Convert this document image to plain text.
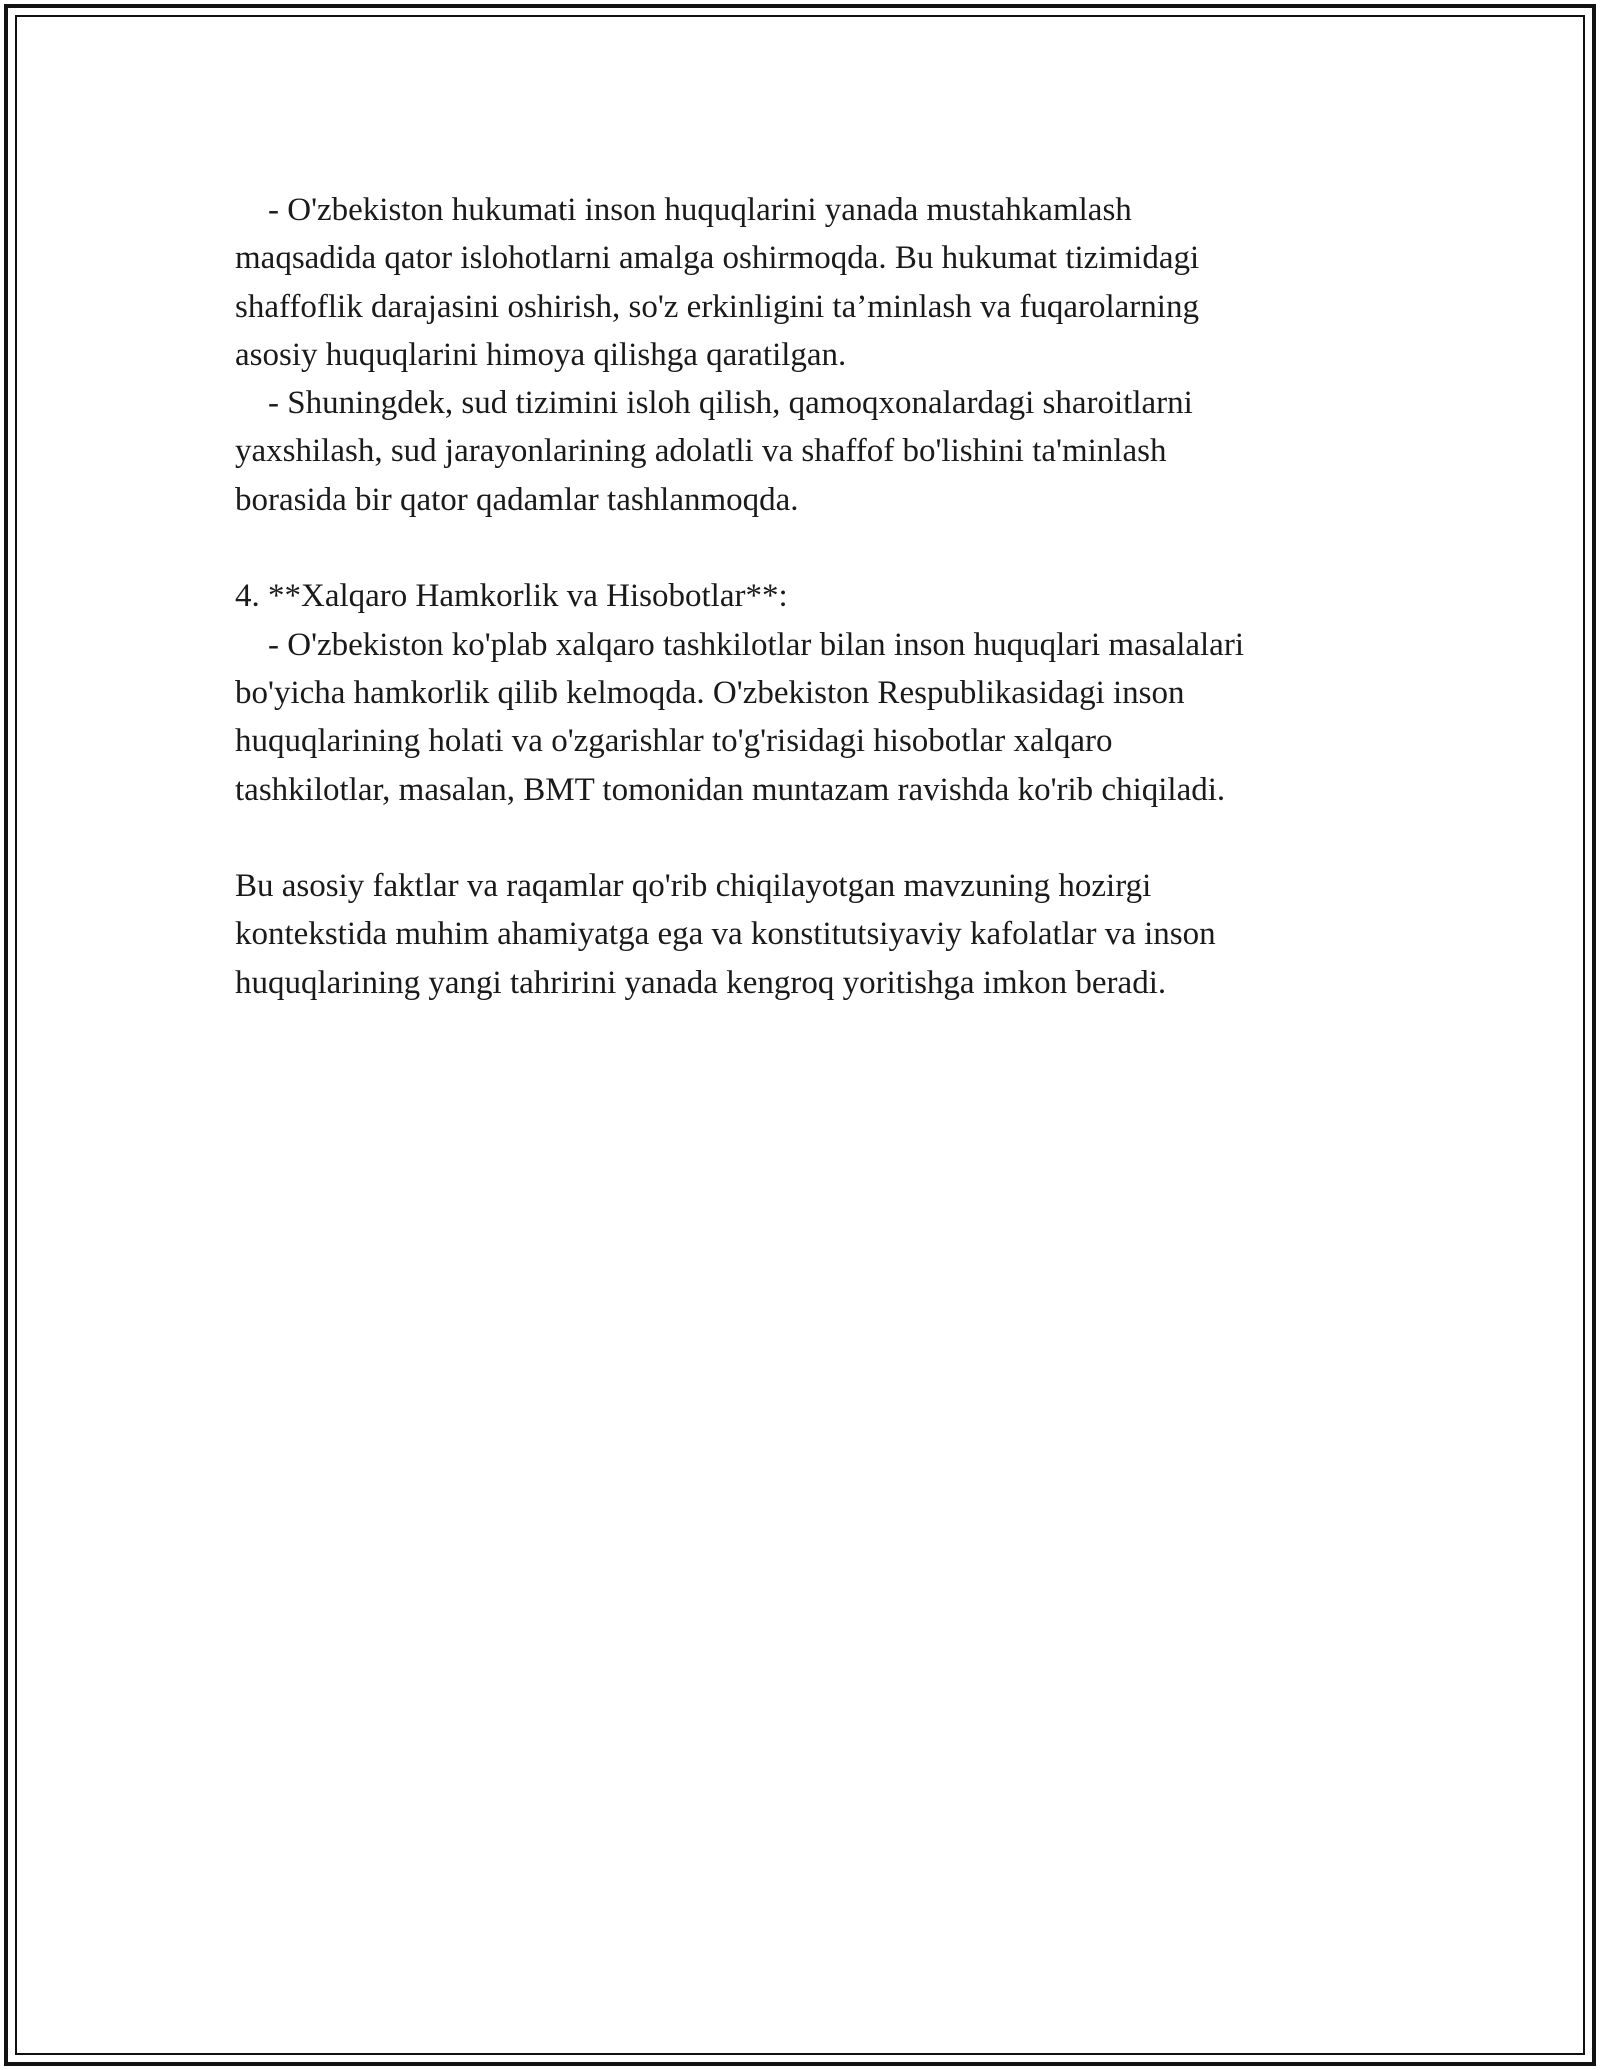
- O'zbekiston hukumati inson huquqlarini yanada mustahkamlash
maqsadida qator islohotlarni amalga oshirmoqda. Bu hukumat tizimidagi
shaffoflik darajasini oshirish, so'z erkinligini ta’minlash va fuqarolarning
asosiy huquqlarini himoya qilishga qaratilgan.
- Shuningdek, sud tizimini isloh qilish, qamoqxonalardagi sharoitlarni
yaxshilash, sud jarayonlarining adolatli va shaffof bo'lishini ta'minlash
borasida bir qator qadamlar tashlanmoqda.
4. **Xalqaro Hamkorlik va Hisobotlar**:
- O'zbekiston ko'plab xalqaro tashkilotlar bilan inson huquqlari masalalari
bo'yicha hamkorlik qilib kelmoqda. O'zbekiston Respublikasidagi inson
huquqlarining holati va o'zgarishlar to'g'risidagi hisobotlar xalqaro
tashkilotlar, masalan, BMT tomonidan muntazam ravishda ko'rib chiqiladi.
Bu asosiy faktlar va raqamlar qo'rib chiqilayotgan mavzuning hozirgi
kontekstida muhim ahamiyatga ega va konstitutsiyaviy kafolatlar va inson
huquqlarining yangi tahririni yanada kengroq yoritishga imkon beradi.
